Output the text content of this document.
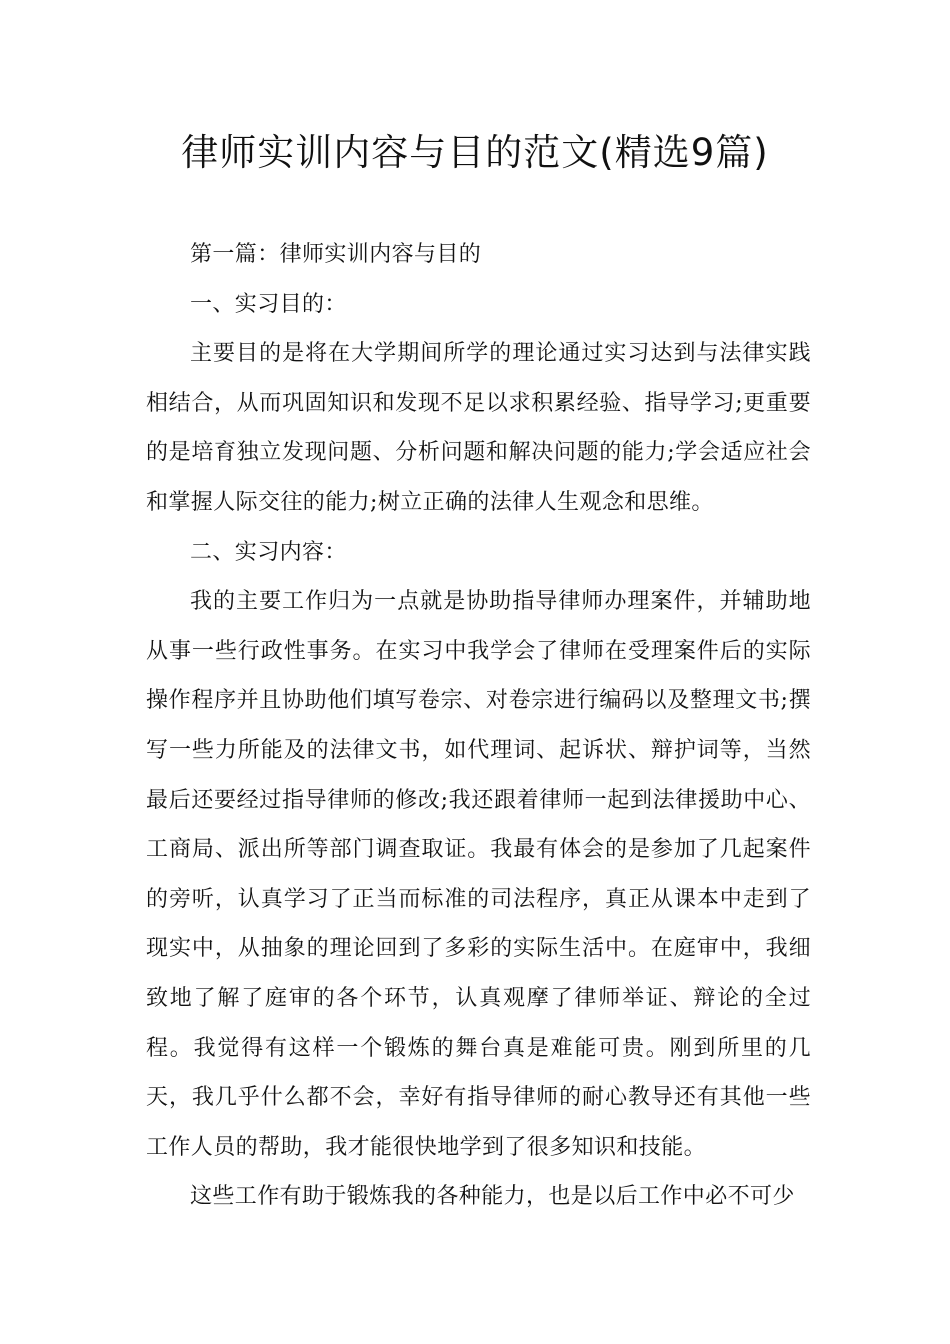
律师实训内容与目的范文(精选9篇)

第一篇：律师实训内容与目的

一、实习目的：

主要目的是将在大学期间所学的理论通过实习达到与法律实践相结合，从而巩固知识和发现不足以求积累经验、指导学习;更重要的是培育独立发现问题、分析问题和解决问题的能力;学会适应社会和掌握人际交往的能力;树立正确的法律人生观念和思维。

二、实习内容：

我的主要工作归为一点就是协助指导律师办理案件，并辅助地从事一些行政性事务。在实习中我学会了律师在受理案件后的实际操作程序并且协助他们填写卷宗、对卷宗进行编码以及整理文书;撰写一些力所能及的法律文书，如代理词、起诉状、辩护词等，当然最后还要经过指导律师的修改;我还跟着律师一起到法律援助中心、工商局、派出所等部门调查取证。我最有体会的是参加了几起案件的旁听，认真学习了正当而标准的司法程序，真正从课本中走到了现实中，从抽象的理论回到了多彩的实际生活中。在庭审中，我细致地了解了庭审的各个环节，认真观摩了律师举证、辩论的全过程。我觉得有这样一个锻炼的舞台真是难能可贵。刚到所里的几天，我几乎什么都不会，幸好有指导律师的耐心教导还有其他一些工作人员的帮助，我才能很快地学到了很多知识和技能。

这些工作有助于锻炼我的各种能力，也是以后工作中必不可少
